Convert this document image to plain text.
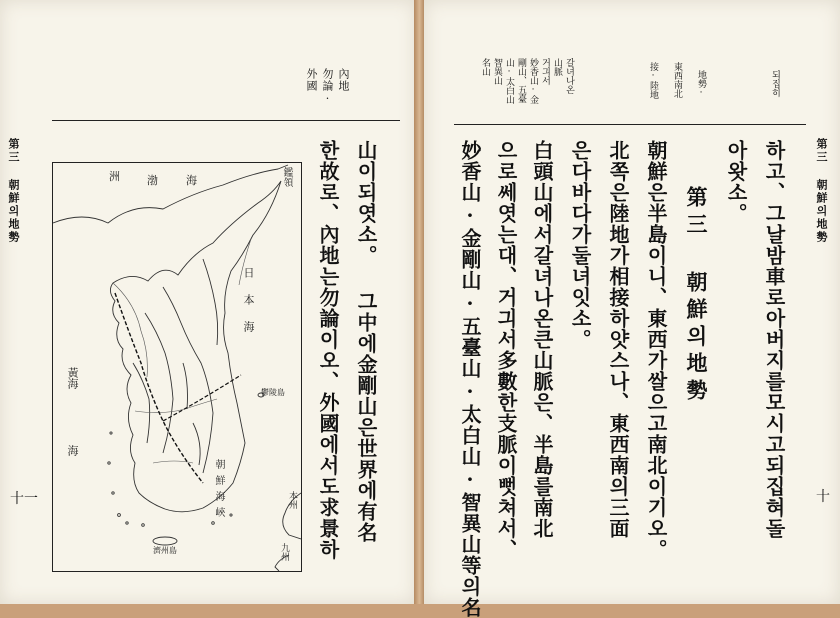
第三 朝鮮의地勢
十一
內地
勿論·
外國
山이되엿소。 그中에金剛山은世界에有名
한故로、內地는勿論이오、外國에서도求景하
渤海
洲	鑑領
日本海
鬱陵島
黃海
海
朝鮮海峽	本州
九州
濟州島
되집히
地勢·
東西南北
接·陸地
갈녀나온
山脈
거긔서
妙香山·金
剛山、五臺
山·太白山
智異山
名山
하고、그날밤車로아버지를모시고되집혀돌
아왓소。
第三 朝鮮의地勢
朝鮮은半島이니、東西가쌀으고南北이기오。
北쪽은陸地가相接하얏스나、東西南의三面
은다바다가둘녀잇소。
白頭山에서갈녀나온큰山脈은、半島를南北
으로쎄엿는대、거긔서多數한支脈이뻣쳐서、
妙香山·金剛山·五臺山·太白山·智異山等의名	第三 朝鮮의地勢
十
